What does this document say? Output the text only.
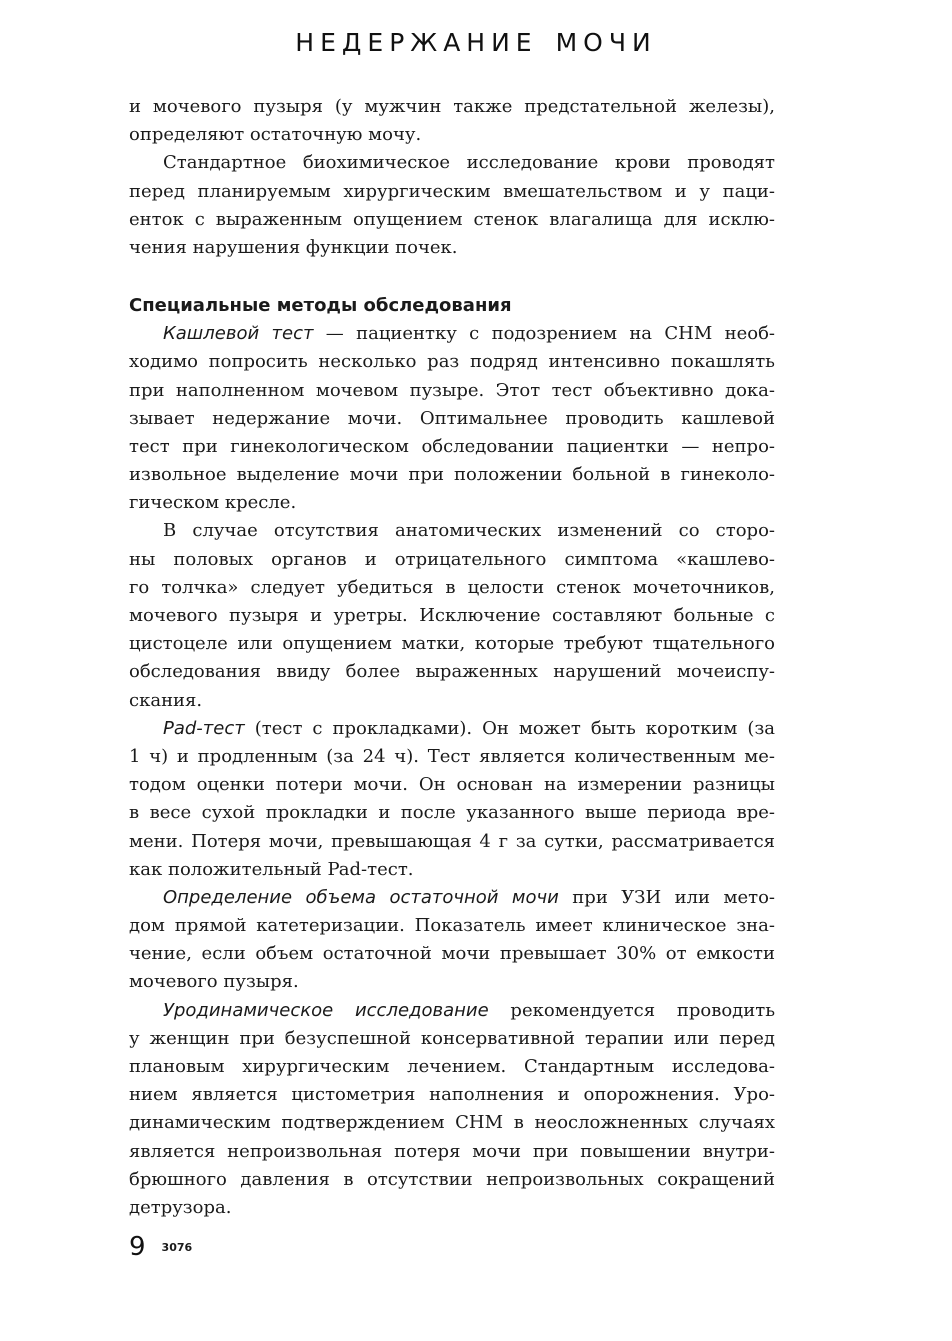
НЕДЕРЖАНИЕ МОЧИ
и мочевого пузыря (у мужчин также предстательной железы),
определяют остаточную мочу.
Стандартное биохимическое исследование крови проводят
перед планируемым хирургическим вмешательством и у паци-
енток с выраженным опущением стенок влагалища для исклю-
чения нарушения функции почек.
Специальные методы обследования
Кашлевой тест — пациентку с подозрением на СНМ необ-
ходимо попросить несколько раз подряд интенсивно покашлять
при наполненном мочевом пузыре. Этот тест объективно дока-
зывает недержание мочи. Оптимальнее проводить кашлевой
тест при гинекологическом обследовании пациентки — непро-
извольное выделение мочи при положении больной в гинеколо-
гическом кресле.
В случае отсутствия анатомических изменений со сторо-
ны половых органов и отрицательного симптома «кашлево-
го толчка» следует убедиться в целости стенок мочеточников,
мочевого пузыря и уретры. Исключение составляют больные с
цистоцеле или опущением матки, которые требуют тщательного
обследования ввиду более выраженных нарушений мочеиспу-
скания.
Pad-тест (тест с прокладками). Он может быть коротким (за
1 ч) и продленным (за 24 ч). Тест является количественным ме-
тодом оценки потери мочи. Он основан на измерении разницы
в весе сухой прокладки и после указанного выше периода вре-
мени. Потеря мочи, превышающая 4 г за сутки, рассматривается
как положительный Pad-тест.
Определение объема остаточной мочи при УЗИ или мето-
дом прямой катетеризации. Показатель имеет клиническое зна-
чение, если объем остаточной мочи превышает 30% от емкости
мочевого пузыря.
Уродинамическое исследование рекомендуется проводить
у женщин при безуспешной консервативной терапии или перед
плановым хирургическим лечением. Стандартным исследова-
нием является цистометрия наполнения и опорожнения. Уро-
динамическим подтверждением СНМ в неосложненных случаях
является непроизвольная потеря мочи при повышении внутри-
брюшного давления в отсутствии непроизвольных сокращений
детрузора.
9 $^{3076}$
